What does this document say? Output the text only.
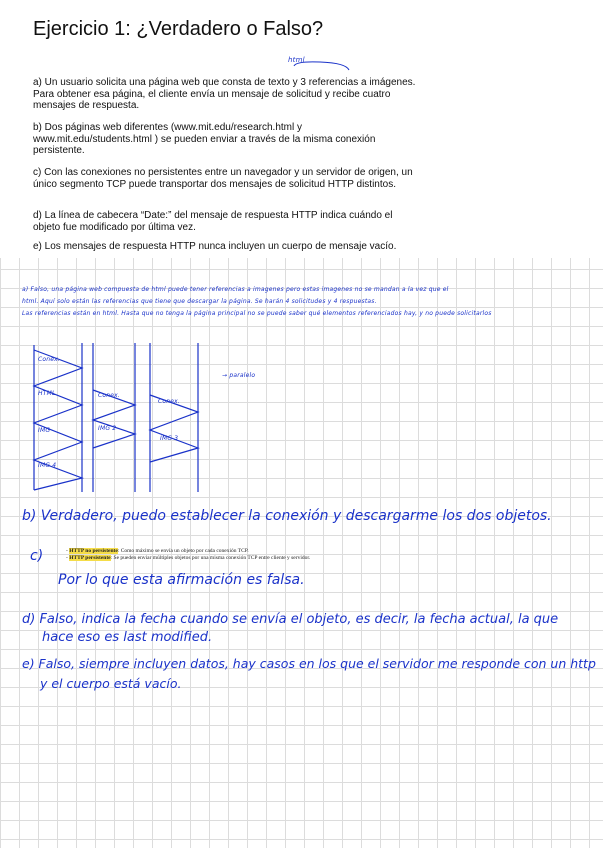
Ejercicio 1: ¿Verdadero o Falso?
html
a) Un usuario solicita una página web que consta de texto y 3 referencias a imágenes. Para obtener esa página, el cliente envía un mensaje de solicitud y recibe cuatro mensajes de respuesta.
b) Dos páginas web diferentes (www.mit.edu/research.html y www.mit.edu/students.html ) se pueden enviar a través de la misma conexión persistente.
c) Con las conexiones no persistentes entre un navegador y un servidor de origen, un único segmento TCP puede transportar dos mensajes de solicitud HTTP distintos.
d) La línea de cabecera “Date:” del mensaje de respuesta HTTP indica cuándo el objeto fue modificado por última vez.
e) Los mensajes de respuesta HTTP nunca incluyen un cuerpo de mensaje vacío.
c)
a) Falso, una página web compuesta de html puede tener referencias a imagenes pero estas imagenes no se mandan a la vez que el
html. Aquí solo están las referencias que tiene que descargar la página. Se harán 4 solicitudes y 4 respuestas.
Las referencias están en html. Hasta que no tenga la página principal no se puede saber qué elementos referenciados hay, y no puede solicitarlos
Conex.
HTML	Conex.
Conex.
IMG	IMG 2
IMG 3
IMG 4
→ paralelo
b) Verdadero, puedo establecer la conexión y descargarme los dos objetos.
- HTTP no persistente: Como máximo se envía un objeto por cada conexión TCP.
- HTTP persistente: Se pueden enviar múltiples objetos por una misma conexión TCP entre cliente y servidor.
Por lo que esta afirmación es falsa.
d) Falso, indica la fecha cuando se envía el objeto, es decir, la fecha actual, la que
hace eso es last modified.
e) Falso, siempre incluyen datos, hay casos en los que el servidor me responde con un http
y el cuerpo está vacío.
